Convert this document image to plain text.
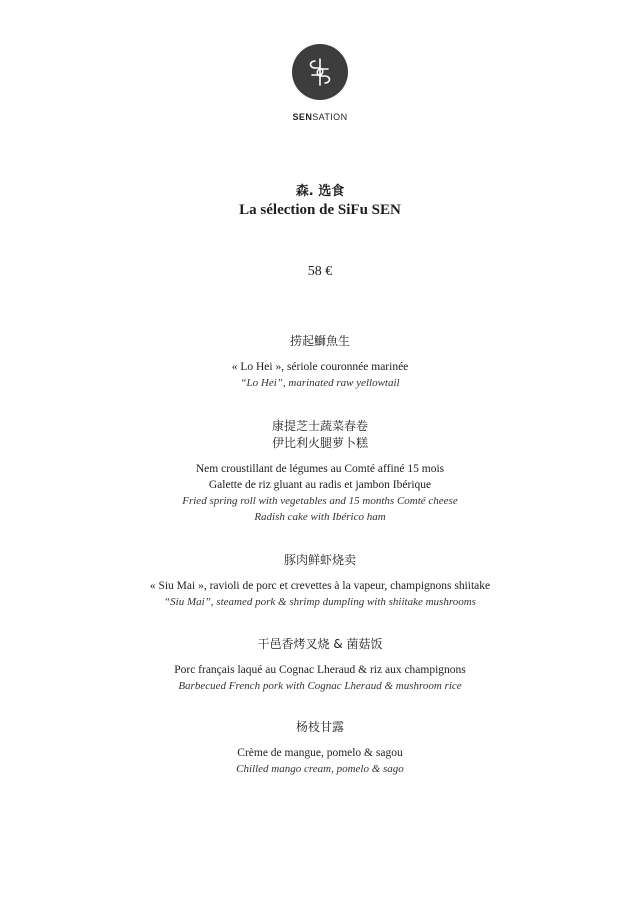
SENSATION
森. 选食
La sélection de SiFu SEN
58 €
捞起鰤魚生
« Lo Hei », sériole couronnée marinée
“Lo Hei”, marinated raw yellowtail
康提芝士蔬菜春卷
伊比利火腿萝卜糕
Nem croustillant de légumes au Comté affiné 15 mois
Galette de riz gluant au radis et jambon Ibérique
Fried spring roll with vegetables and 15 months Comté cheese
Radish cake with Ibérico ham
豚肉鲜虾烧卖
« Siu Mai », ravioli de porc et crevettes à la vapeur, champignons shiitake
“Siu Mai”, steamed pork & shrimp dumpling with shiitake mushrooms
干邑香烤叉烧 & 菌菇饭
Porc français laqué au Cognac Lheraud & riz aux champignons
Barbecued French pork with Cognac Lheraud & mushroom rice
杨枝甘露
Crème de mangue, pomelo & sagou
Chilled mango cream, pomelo & sago
